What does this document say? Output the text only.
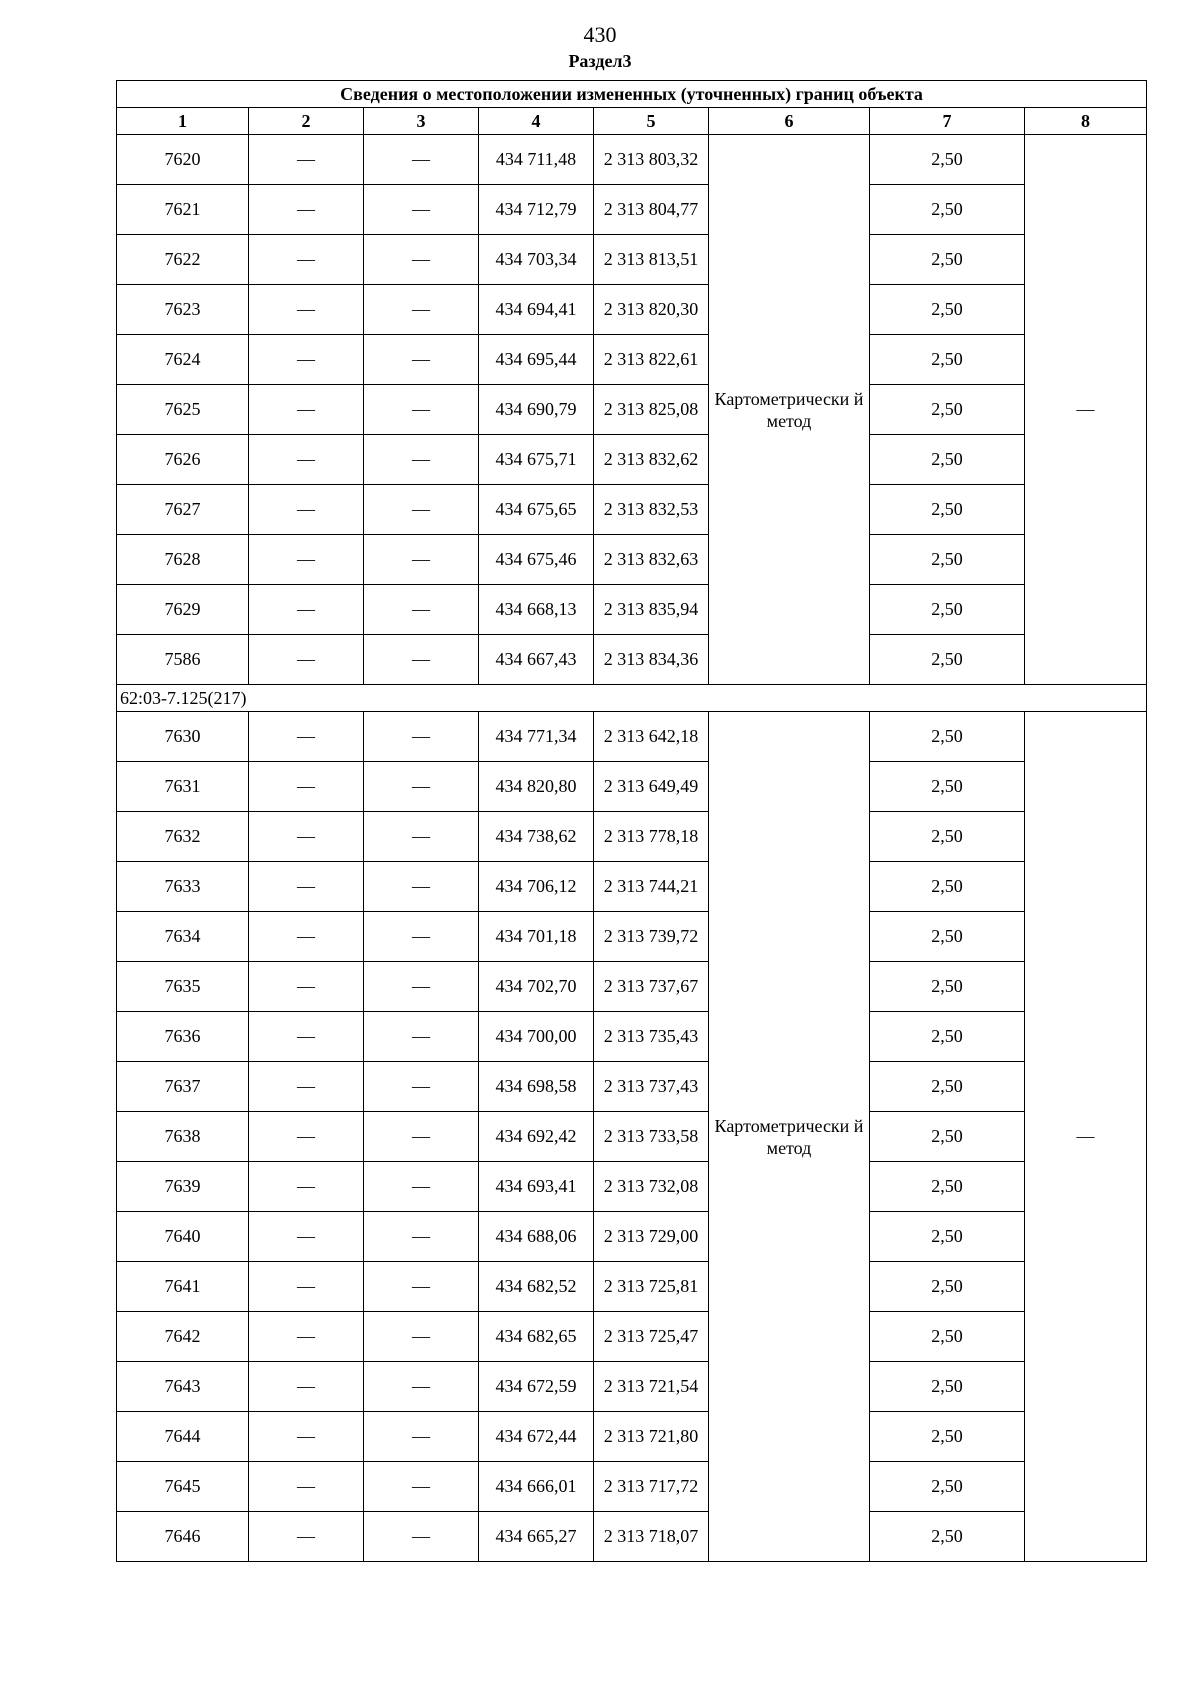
430
Раздел3
Сведения о местоположении измененных (уточненных) границ объекта							
1	2	3	4	5	6	7	8
7620	—	—	434 711,48	2 313 803,32	Картометрически й метод	2,50	—
7621	—	—	434 712,79	2 313 804,77		2,50	
7622	—	—	434 703,34	2 313 813,51		2,50	
7623	—	—	434 694,41	2 313 820,30		2,50	
7624	—	—	434 695,44	2 313 822,61		2,50	
7625	—	—	434 690,79	2 313 825,08		2,50	
7626	—	—	434 675,71	2 313 832,62		2,50	
7627	—	—	434 675,65	2 313 832,53		2,50	
7628	—	—	434 675,46	2 313 832,63		2,50	
7629	—	—	434 668,13	2 313 835,94		2,50	
7586	—	—	434 667,43	2 313 834,36		2,50	
62:03-7.125(217)							
7630	—	—	434 771,34	2 313 642,18	Картометрически й метод	2,50	—
7631	—	—	434 820,80	2 313 649,49		2,50	
7632	—	—	434 738,62	2 313 778,18		2,50	
7633	—	—	434 706,12	2 313 744,21		2,50	
7634	—	—	434 701,18	2 313 739,72		2,50	
7635	—	—	434 702,70	2 313 737,67		2,50	
7636	—	—	434 700,00	2 313 735,43		2,50	
7637	—	—	434 698,58	2 313 737,43		2,50	
7638	—	—	434 692,42	2 313 733,58		2,50	
7639	—	—	434 693,41	2 313 732,08		2,50	
7640	—	—	434 688,06	2 313 729,00		2,50	
7641	—	—	434 682,52	2 313 725,81		2,50	
7642	—	—	434 682,65	2 313 725,47		2,50	
7643	—	—	434 672,59	2 313 721,54		2,50	
7644	—	—	434 672,44	2 313 721,80		2,50	
7645	—	—	434 666,01	2 313 717,72		2,50	
7646	—	—	434 665,27	2 313 718,07		2,50	
